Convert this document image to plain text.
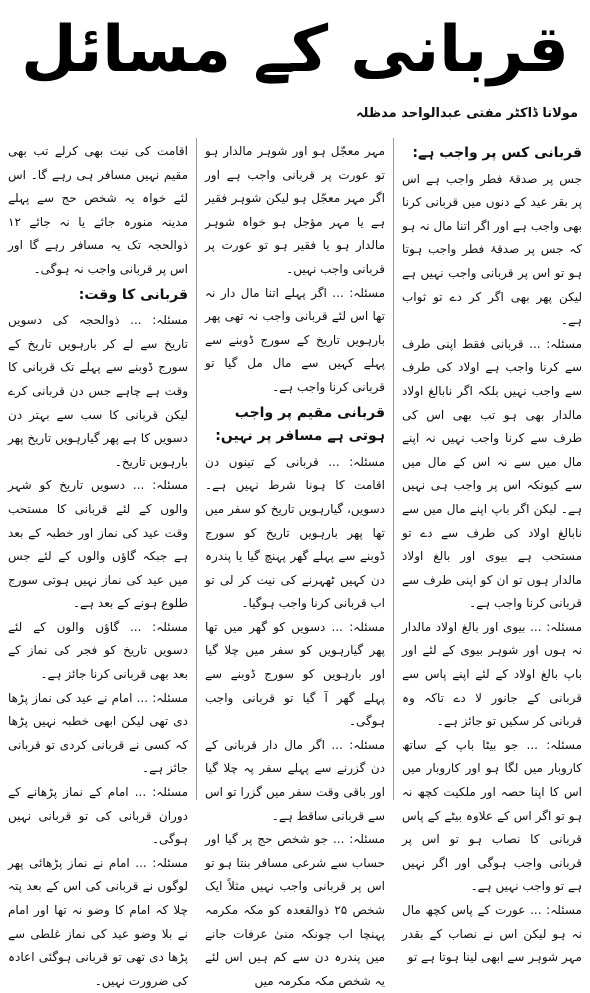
قربانی کے مسائل
مولانا ڈاکٹر مفتی عبدالواحد مدظلہ
قربانی کس پر واجب ہے:

جس پر صدقۂ فطر واجب ہے اس پر بقر عید کے دنوں میں قربانی کرنا بھی واجب ہے اور اگر اتنا مال نہ ہو کہ جس پر صدقۂ فطر واجب ہوتا ہو تو اس پر قربانی واجب نہیں ہے لیکن پھر بھی اگر کر دے تو ثواب ہے۔

مسئلہ: ... قربانی فقط اپنی طرف سے کرنا واجب ہے اولاد کی طرف سے واجب نہیں بلکہ اگر نابالغ اولاد مالدار بھی ہو تب بھی اس کی طرف سے کرنا واجب نہیں نہ اپنے مال میں سے نہ اس کے مال میں سے کیونکہ اس پر واجب ہی نہیں ہے۔ لیکن اگر باپ اپنے مال میں سے نابالغ اولاد کی طرف سے دے تو مستحب ہے بیوی اور بالغ اولاد مالدار ہوں تو ان کو اپنی طرف سے قربانی کرنا واجب ہے۔

مسئلہ: ... بیوی اور بالغ اولاد مالدار نہ ہوں اور شوہر بیوی کے لئے اور باپ بالغ اولاد کے لئے اپنے پاس سے قربانی کے جانور لا دے تاکہ وہ قربانی کر سکیں تو جائز ہے۔

مسئلہ: ... جو بیٹا باپ کے ساتھ کاروبار میں لگا ہو اور کاروبار میں اس کا اپنا حصہ اور ملکیت کچھ نہ ہو تو اگر اس کے علاوہ بیٹے کے پاس قربانی کا نصاب ہو تو اس پر قربانی واجب ہوگی اور اگر نہیں ہے تو واجب نہیں ہے۔

مسئلہ: ... عورت کے پاس کچھ مال نہ ہو لیکن اس نے نصاب کے بقدر مہر شوہر سے ابھی لینا ہوتا ہے تو

مہر معجّل ہو اور شوہر مالدار ہو تو عورت پر قربانی واجب ہے اور اگر مہر معجّل ہو لیکن شوہر فقیر ہے یا مہر مؤجل ہو خواہ شوہر مالدار ہو یا فقیر ہو تو عورت پر قربانی واجب نہیں۔

مسئلہ: ... اگر پہلے اتنا مال دار نہ تھا اس لئے قربانی واجب نہ تھی پھر بارہویں تاریخ کے سورج ڈوبنے سے پہلے کہیں سے مال مل گیا تو قربانی کرنا واجب ہے۔

قربانی مقیم پر واجب ہوتی ہے مسافر پر نہیں:

مسئلہ: ... قربانی کے تینوں دن اقامت کا ہونا شرط نہیں ہے۔ دسویں، گیارہویں تاریخ کو سفر میں تھا پھر بارہویں تاریخ کو سورج ڈوبنے سے پہلے گھر پہنچ گیا یا پندرہ دن کہیں ٹھہرنے کی نیت کر لی تو اب قربانی کرنا واجب ہوگیا۔

مسئلہ: ... دسویں کو گھر میں تھا پھر گیارہویں کو سفر میں چلا گیا اور بارہویں کو سورج ڈوبنے سے پہلے گھر آ گیا تو قربانی واجب ہوگی۔

مسئلہ: ... اگر مال دار قربانی کے دن گزرنے سے پہلے سفر پہ چلا گیا اور باقی وقت سفر میں گزرا تو اس سے قربانی ساقط ہے۔

مسئلہ: ... جو شخص حج پر گیا اور حساب سے شرعی مسافر بنتا ہو تو اس پر قربانی واجب نہیں مثلاً ایک شخص ۲۵ ذوالقعدہ کو مکہ مکرمہ پہنچا اب چونکہ منیٰ عرفات جانے میں پندرہ دن سے کم ہیں اس لئے یہ شخص مکہ مکرمہ میں

اقامت کی نیت بھی کرلے تب بھی مقیم نہیں مسافر ہی رہے گا۔ اس لئے خواہ یہ شخص حج سے پہلے مدینہ منورہ جائے یا نہ جائے ۱۲ ذوالحجہ تک یہ مسافر رہے گا اور اس پر قربانی واجب نہ ہوگی۔

قربانی کا وقت:

مسئلہ: ... ذوالحجہ کی دسویں تاریخ سے لے کر بارہویں تاریخ کے سورج ڈوبنے سے پہلے تک قربانی کا وقت ہے چاہے جس دن قربانی کرے لیکن قربانی کا سب سے بہتر دن دسویں کا ہے پھر گیارہویں تاریخ پھر بارہویں تاریخ۔

مسئلہ: ... دسویں تاریخ کو شہر والوں کے لئے قربانی کا مستحب وقت عید کی نماز اور خطبہ کے بعد ہے جبکہ گاؤں والوں کے لئے جس میں عید کی نماز نہیں ہوتی سورج طلوع ہونے کے بعد ہے۔

مسئلہ: ... گاؤں والوں کے لئے دسویں تاریخ کو فجر کی نماز کے بعد بھی قربانی کرنا جائز ہے۔

مسئلہ: ... امام نے عید کی نماز پڑھا دی تھی لیکن ابھی خطبہ نہیں پڑھا کہ کسی نے قربانی کردی تو قربانی جائز ہے۔

مسئلہ: ... امام کے نماز پڑھانے کے دوران قربانی کی تو قربانی نہیں ہوگی۔

مسئلہ: ... امام نے نماز پڑھائی پھر لوگوں نے قربانی کی اس کے بعد پتہ چلا کہ امام کا وضو نہ تھا اور امام نے بلا وضو عید کی نماز غلطی سے پڑھا دی تھی تو قربانی ہوگئی اعادہ کی ضرورت نہیں۔
